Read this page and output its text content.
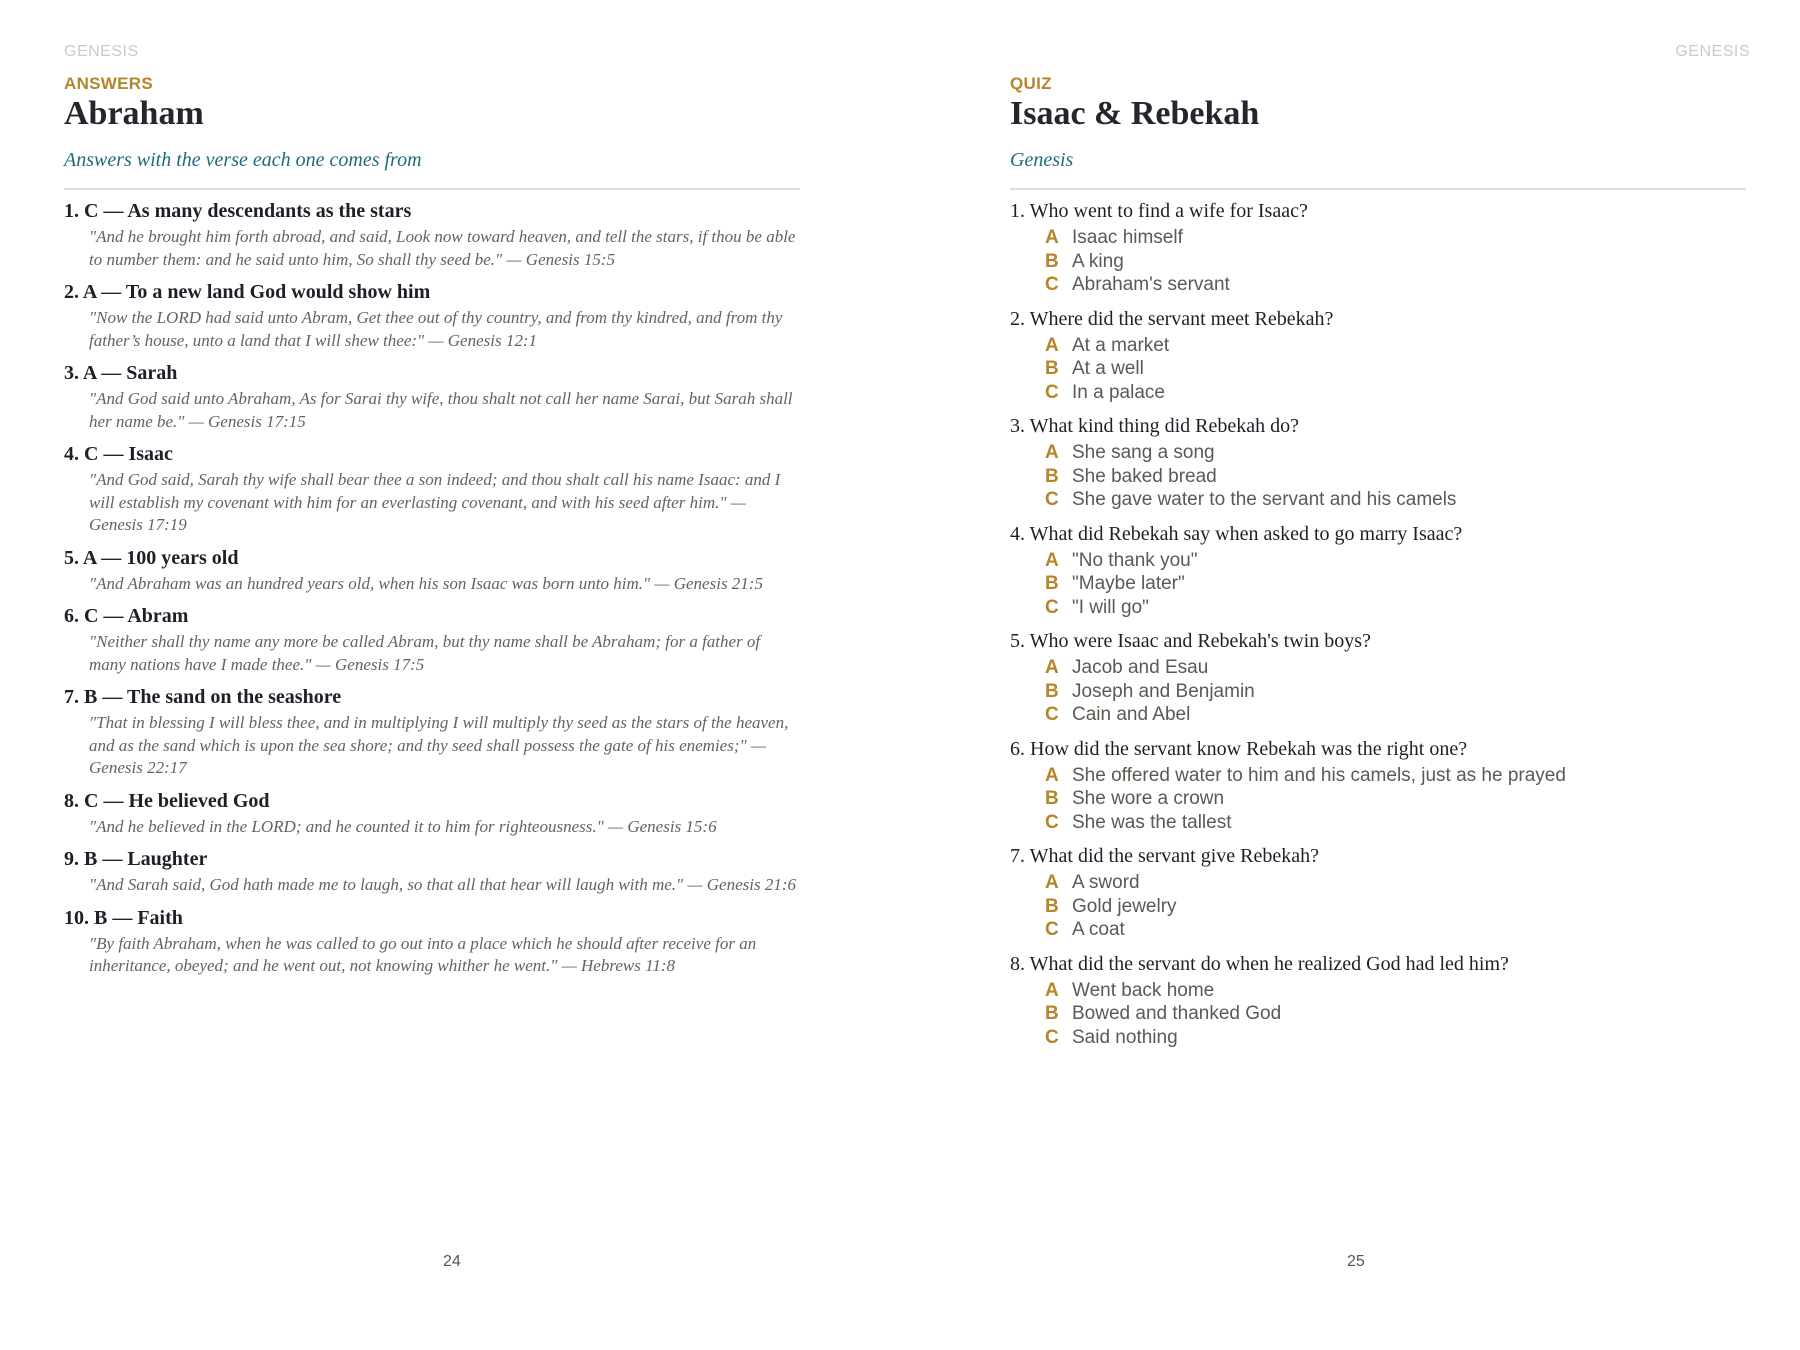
GENESIS
ANSWERS
Abraham
Answers with the verse each one comes from
1. C — As many descendants as the stars
"And he brought him forth abroad, and said, Look now toward heaven, and tell the stars, if thou be able to number them: and he said unto him, So shall thy seed be." — Genesis 15:5
2. A — To a new land God would show him
"Now the LORD had said unto Abram, Get thee out of thy country, and from thy kindred, and from thy father’s house, unto a land that I will shew thee:" — Genesis 12:1
3. A — Sarah
"And God said unto Abraham, As for Sarai thy wife, thou shalt not call her name Sarai, but Sarah shall her name be." — Genesis 17:15
4. C — Isaac
"And God said, Sarah thy wife shall bear thee a son indeed; and thou shalt call his name Isaac: and I will establish my covenant with him for an everlasting covenant, and with his seed after him." — Genesis 17:19
5. A — 100 years old
"And Abraham was an hundred years old, when his son Isaac was born unto him." — Genesis 21:5
6. C — Abram
"Neither shall thy name any more be called Abram, but thy name shall be Abraham; for a father of many nations have I made thee." — Genesis 17:5
7. B — The sand on the seashore
"That in blessing I will bless thee, and in multiplying I will multiply thy seed as the stars of the heaven, and as the sand which is upon the sea shore; and thy seed shall possess the gate of his enemies;" — Genesis 22:17
8. C — He believed God
"And he believed in the LORD; and he counted it to him for righteousness." — Genesis 15:6
9. B — Laughter
"And Sarah said, God hath made me to laugh, so that all that hear will laugh with me." — Genesis 21:6
10. B — Faith
"By faith Abraham, when he was called to go out into a place which he should after receive for an inheritance, obeyed; and he went out, not knowing whither he went." — Hebrews 11:8
24
GENESIS
QUIZ
Isaac & Rebekah
Genesis
1. Who went to find a wife for Isaac?
A Isaac himself
B A king
C Abraham's servant
2. Where did the servant meet Rebekah?
A At a market
B At a well
C In a palace
3. What kind thing did Rebekah do?
A She sang a song
B She baked bread
C She gave water to the servant and his camels
4. What did Rebekah say when asked to go marry Isaac?
A "No thank you"
B "Maybe later"
C "I will go"
5. Who were Isaac and Rebekah's twin boys?
A Jacob and Esau
B Joseph and Benjamin
C Cain and Abel
6. How did the servant know Rebekah was the right one?
A She offered water to him and his camels, just as he prayed
B She wore a crown
C She was the tallest
7. What did the servant give Rebekah?
A A sword
B Gold jewelry
C A coat
8. What did the servant do when he realized God had led him?
A Went back home
B Bowed and thanked God
C Said nothing
25
